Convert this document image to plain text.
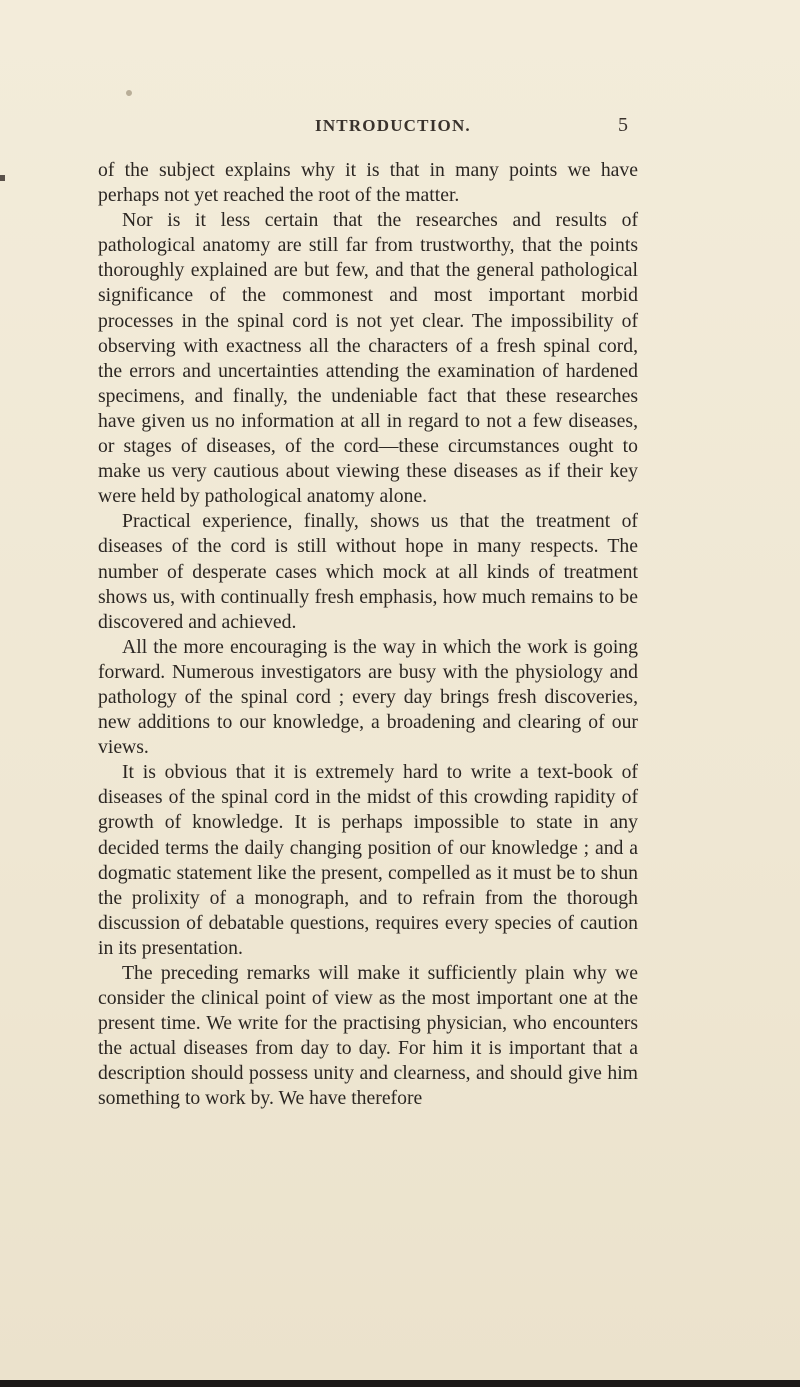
INTRODUCTION.	5

of the subject explains why it is that in many points we have perhaps not yet reached the root of the matter.

Nor is it less certain that the researches and results of pathological anatomy are still far from trustworthy, that the points thoroughly explained are but few, and that the general pathological significance of the commonest and most important morbid processes in the spinal cord is not yet clear. The impossibility of observing with exactness all the characters of a fresh spinal cord, the errors and uncertainties attending the examination of hardened specimens, and finally, the undeniable fact that these researches have given us no information at all in regard to not a few diseases, or stages of diseases, of the cord—these circumstances ought to make us very cautious about viewing these diseases as if their key were held by pathological anatomy alone.

Practical experience, finally, shows us that the treatment of diseases of the cord is still without hope in many respects. The number of desperate cases which mock at all kinds of treatment shows us, with continually fresh emphasis, how much remains to be discovered and achieved.

All the more encouraging is the way in which the work is going forward. Numerous investigators are busy with the physiology and pathology of the spinal cord ; every day brings fresh discoveries, new additions to our knowledge, a broadening and clearing of our views.

It is obvious that it is extremely hard to write a text-book of diseases of the spinal cord in the midst of this crowding rapidity of growth of knowledge. It is perhaps impossible to state in any decided terms the daily changing position of our knowledge ; and a dogmatic statement like the present, compelled as it must be to shun the prolixity of a monograph, and to refrain from the thorough discussion of debatable questions, requires every species of caution in its presentation.

The preceding remarks will make it sufficiently plain why we consider the clinical point of view as the most important one at the present time. We write for the practising physician, who encounters the actual diseases from day to day. For him it is important that a description should possess unity and clearness, and should give him something to work by. We have therefore
